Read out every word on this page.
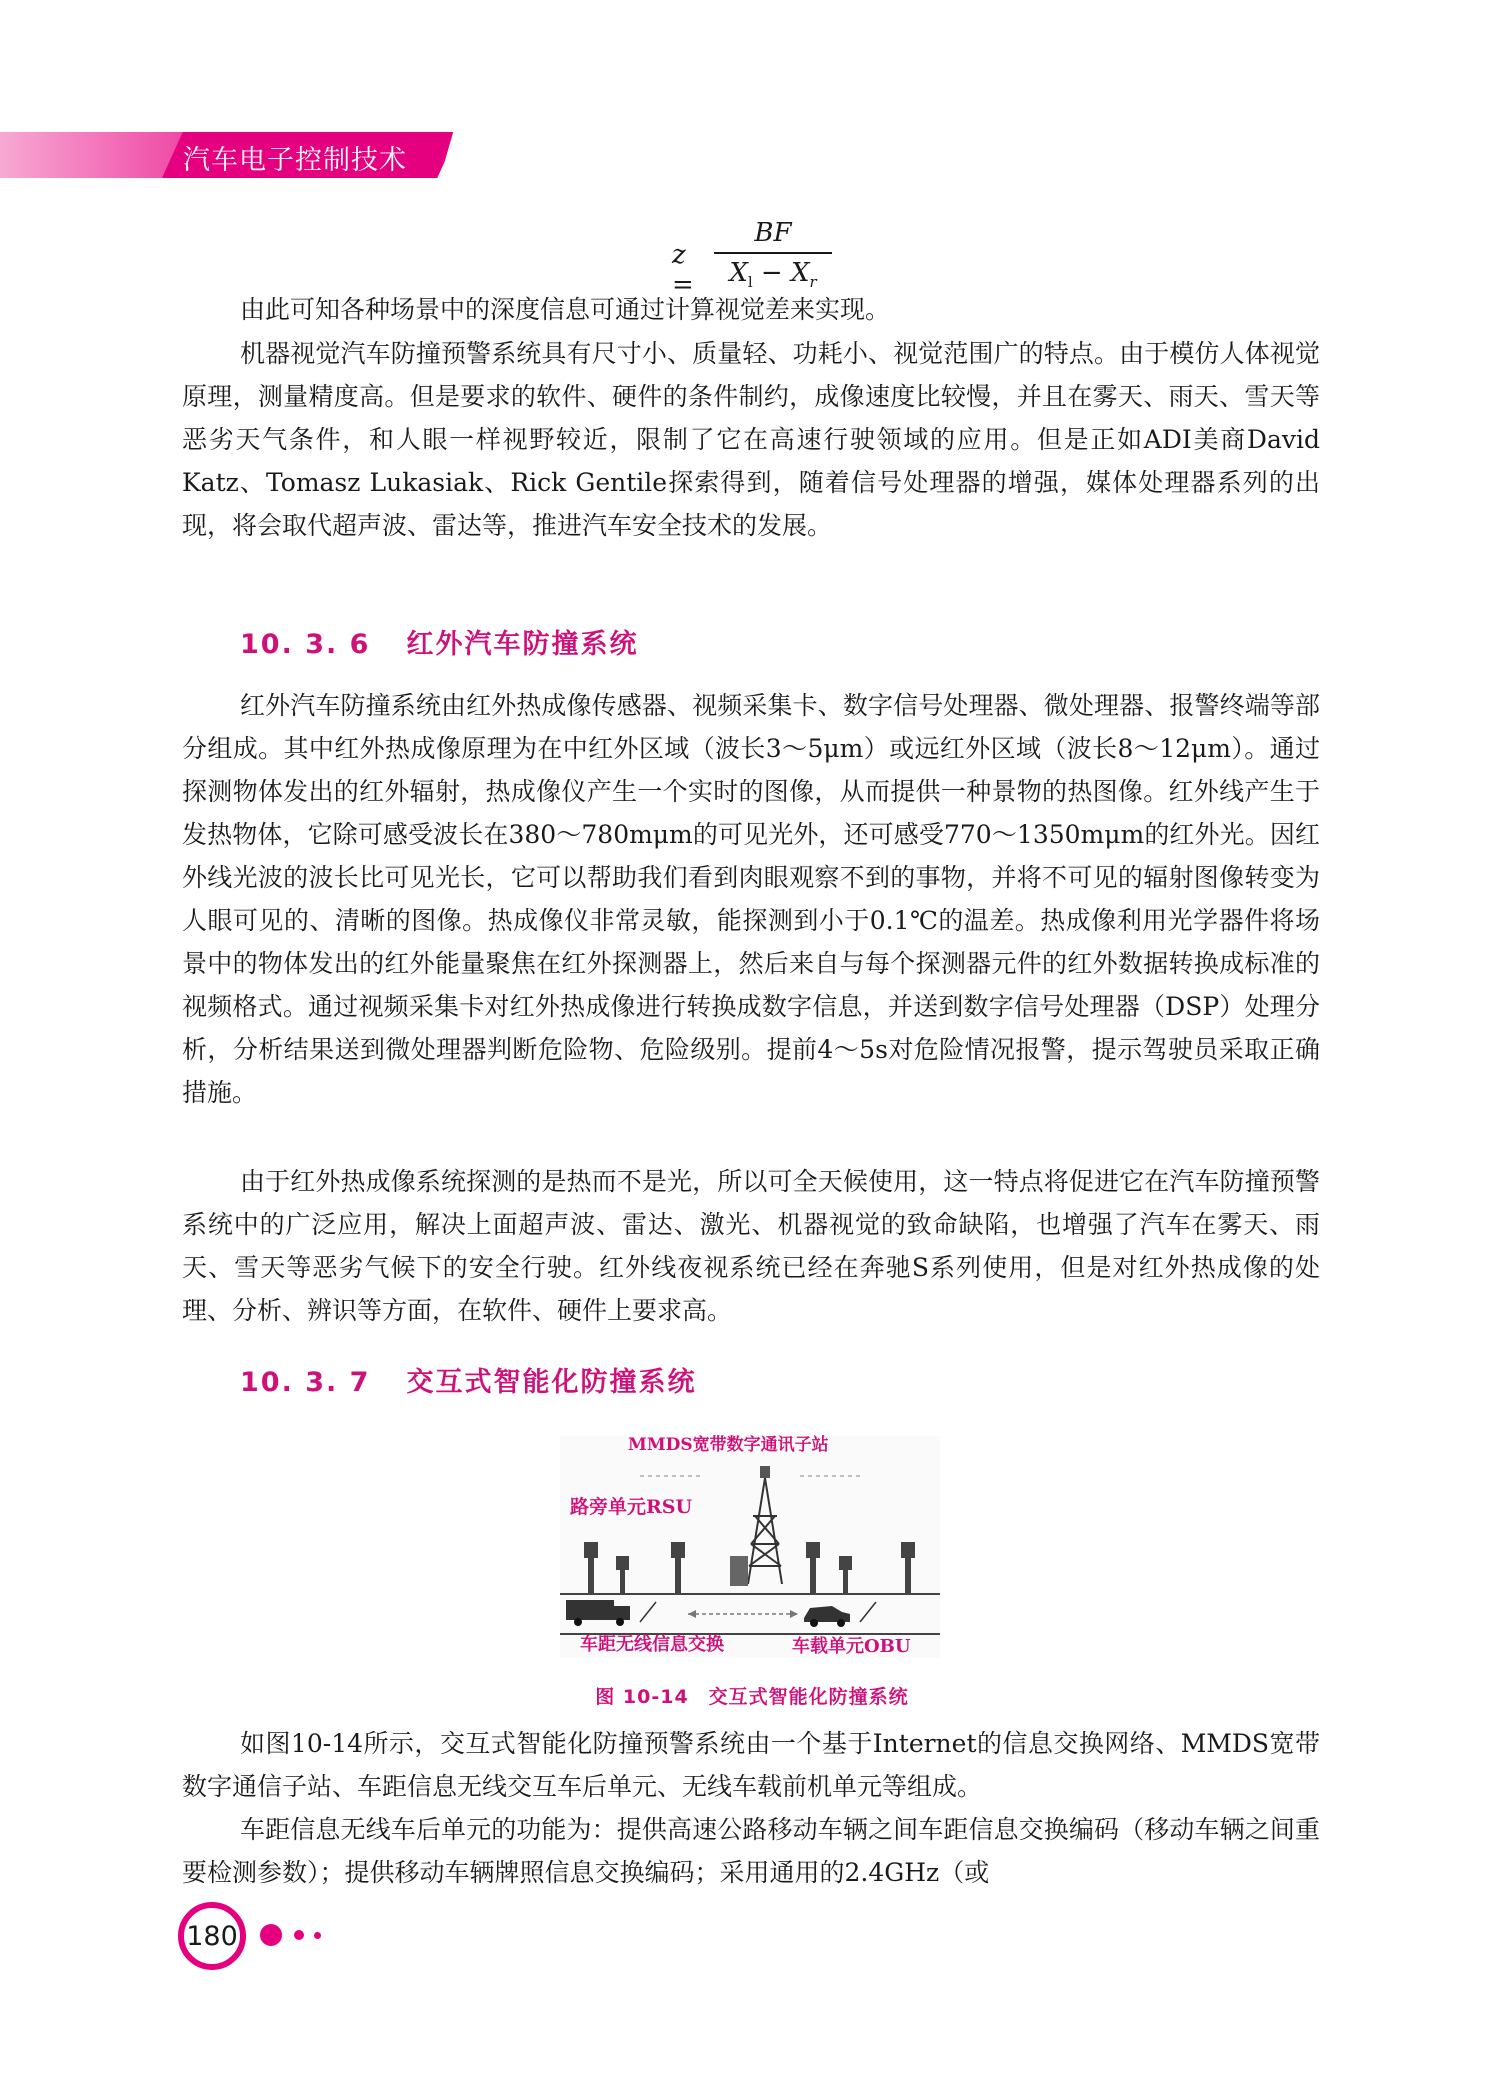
汽车电子控制技术
z =
BF
$X_l - X_r$

由此可知各种场景中的深度信息可通过计算视觉差来实现。

机器视觉汽车防撞预警系统具有尺寸小、质量轻、功耗小、视觉范围广的特点。由于模仿人体视觉原理，测量精度高。但是要求的软件、硬件的条件制约，成像速度比较慢，并且在雾天、雨天、雪天等恶劣天气条件，和人眼一样视野较近，限制了它在高速行驶领域的应用。但是正如ADI美商David Katz、Tomasz Lukasiak、Rick Gentile探索得到，随着信号处理器的增强，媒体处理器系列的出现，将会取代超声波、雷达等，推进汽车安全技术的发展。

10. 3. 6 红外汽车防撞系统

红外汽车防撞系统由红外热成像传感器、视频采集卡、数字信号处理器、微处理器、报警终端等部分组成。其中红外热成像原理为在中红外区域（波长3～5μm）或远红外区域（波长8～12μm）。通过探测物体发出的红外辐射，热成像仪产生一个实时的图像，从而提供一种景物的热图像。红外线产生于发热物体，它除可感受波长在380～780mμm的可见光外，还可感受770～1350mμm的红外光。因红外线光波的波长比可见光长，它可以帮助我们看到肉眼观察不到的事物，并将不可见的辐射图像转变为人眼可见的、清晰的图像。热成像仪非常灵敏，能探测到小于0.1℃的温差。热成像利用光学器件将场景中的物体发出的红外能量聚焦在红外探测器上，然后来自与每个探测器元件的红外数据转换成标准的视频格式。通过视频采集卡对红外热成像进行转换成数字信息，并送到数字信号处理器（DSP）处理分析，分析结果送到微处理器判断危险物、危险级别。提前4～5s对危险情况报警，提示驾驶员采取正确措施。

由于红外热成像系统探测的是热而不是光，所以可全天候使用，这一特点将促进它在汽车防撞预警系统中的广泛应用，解决上面超声波、雷达、激光、机器视觉的致命缺陷，也增强了汽车在雾天、雨天、雪天等恶劣气候下的安全行驶。红外线夜视系统已经在奔驰S系列使用，但是对红外热成像的处理、分析、辨识等方面，在软件、硬件上要求高。

10. 3. 7 交互式智能化防撞系统
MMDS宽带数字通讯子站
路旁单元RSU
车距无线信息交换	车载单元OBU
图 10-14　交互式智能化防撞系统

如图10-14所示，交互式智能化防撞预警系统由一个基于Internet的信息交换网络、MMDS宽带数字通信子站、车距信息无线交互车后单元、无线车载前机单元等组成。

车距信息无线车后单元的功能为：提供高速公路移动车辆之间车距信息交换编码（移动车辆之间重要检测参数）；提供移动车辆牌照信息交换编码；采用通用的2.4GHz（或

180
